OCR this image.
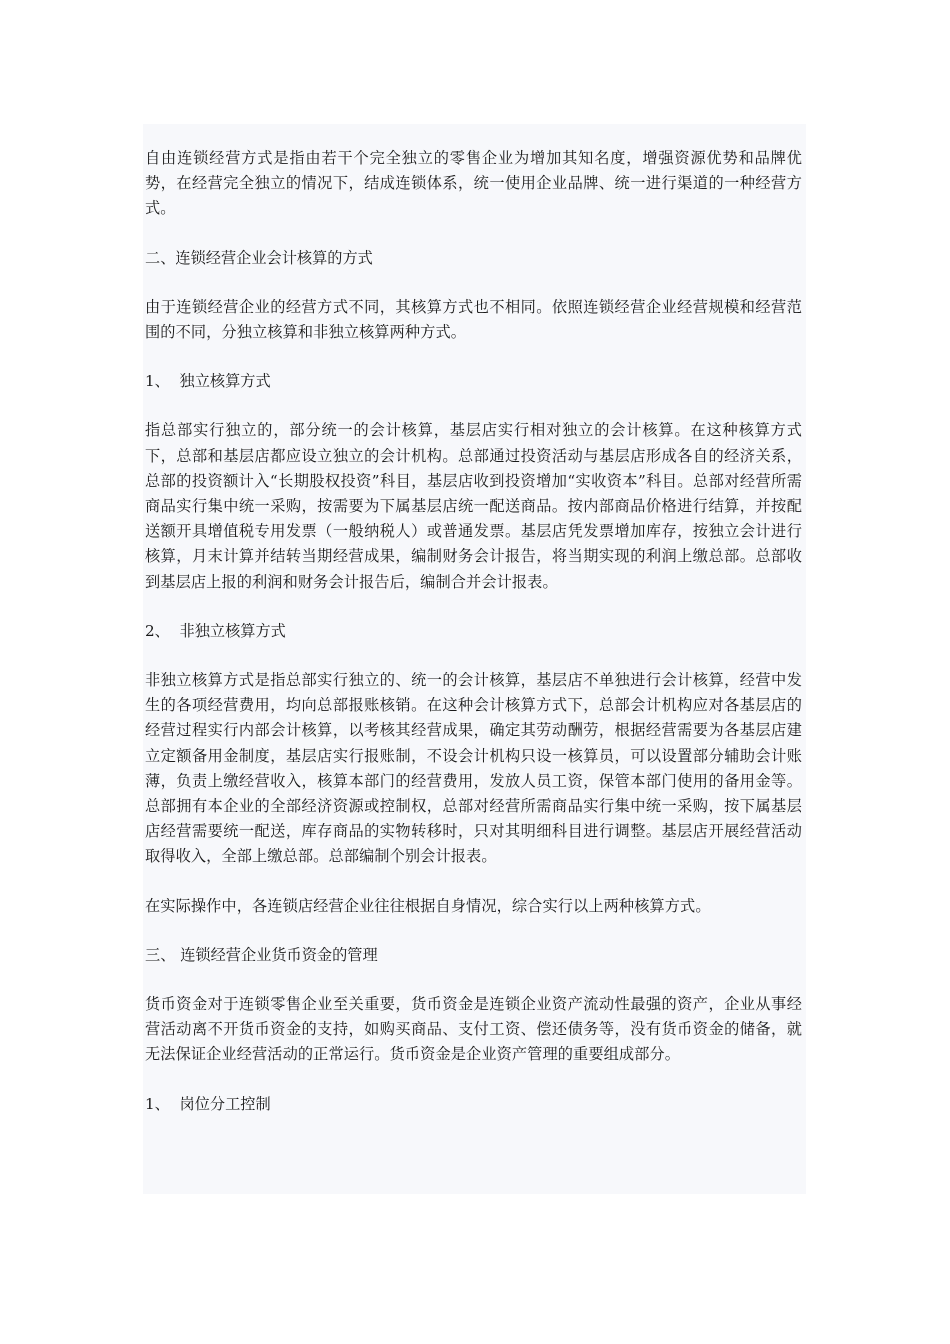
自由连锁经营方式是指由若干个完全独立的零售企业为增加其知名度，增强资源优势和品牌优势，在经营完全独立的情况下，结成连锁体系，统一使用企业品牌、统一进行渠道的一种经营方式。

二、连锁经营企业会计核算的方式

由于连锁经营企业的经营方式不同，其核算方式也不相同。依照连锁经营企业经营规模和经营范围的不同，分独立核算和非独立核算两种方式。

1、  独立核算方式

指总部实行独立的，部分统一的会计核算，基层店实行相对独立的会计核算。在这种核算方式下，总部和基层店都应设立独立的会计机构。总部通过投资活动与基层店形成各自的经济关系，总部的投资额计入“长期股权投资”科目，基层店收到投资增加“实收资本”科目。总部对经营所需商品实行集中统一采购，按需要为下属基层店统一配送商品。按内部商品价格进行结算，并按配送额开具增值税专用发票（一般纳税人）或普通发票。基层店凭发票增加库存，按独立会计进行核算，月末计算并结转当期经营成果，编制财务会计报告，将当期实现的利润上缴总部。总部收到基层店上报的利润和财务会计报告后，编制合并会计报表。

2、  非独立核算方式

非独立核算方式是指总部实行独立的、统一的会计核算，基层店不单独进行会计核算，经营中发生的各项经营费用，均向总部报账核销。在这种会计核算方式下，总部会计机构应对各基层店的经营过程实行内部会计核算，以考核其经营成果，确定其劳动酬劳，根据经营需要为各基层店建立定额备用金制度，基层店实行报账制，不设会计机构只设一核算员，可以设置部分辅助会计账薄，负责上缴经营收入，核算本部门的经营费用，发放人员工资，保管本部门使用的备用金等。总部拥有本企业的全部经济资源或控制权，总部对经营所需商品实行集中统一采购，按下属基层店经营需要统一配送，库存商品的实物转移时，只对其明细科目进行调整。基层店开展经营活动取得收入，全部上缴总部。总部编制个别会计报表。

在实际操作中，各连锁店经营企业往往根据自身情况，综合实行以上两种核算方式。

三、 连锁经营企业货币资金的管理

货币资金对于连锁零售企业至关重要，货币资金是连锁企业资产流动性最强的资产，企业从事经营活动离不开货币资金的支持，如购买商品、支付工资、偿还债务等，没有货币资金的储备，就无法保证企业经营活动的正常运行。货币资金是企业资产管理的重要组成部分。

1、  岗位分工控制
